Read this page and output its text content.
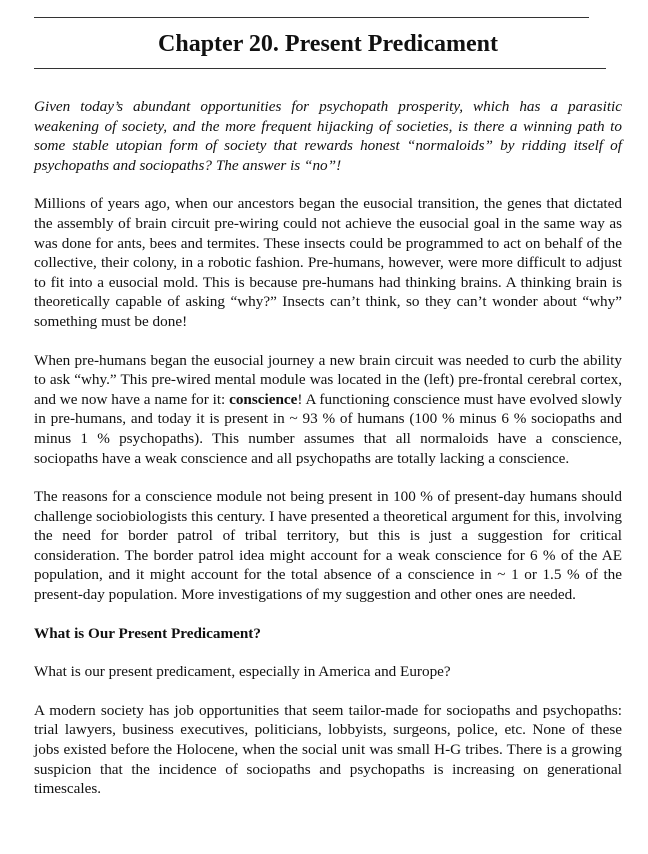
Chapter 20. Present Predicament

Given today’s abundant opportunities for psychopath prosperity, which has a parasitic weakening of society, and the more frequent hijacking of societies, is there a winning path to some stable utopian form of society that rewards honest “normaloids” by ridding itself of psychopaths and sociopaths? The answer is “no”!

Millions of years ago, when our ancestors began the eusocial transition, the genes that dictated the assembly of brain circuit pre-wiring could not achieve the eusocial goal in the same way as was done for ants, bees and termites. These insects could be programmed to act on behalf of the collective, their colony, in a robotic fashion. Pre-humans, however, were more difficult to adjust to fit into a eusocial mold. This is because pre-humans had thinking brains. A thinking brain is theoretically capable of asking “why?” Insects can’t think, so they can’t wonder about “why” something must be done!

When pre-humans began the eusocial journey a new brain circuit was needed to curb the ability to ask “why.” This pre-wired mental module was located in the (left) pre-frontal cerebral cortex, and we now have a name for it: conscience! A functioning conscience must have evolved slowly in pre-humans, and today it is present in ~ 93 % of humans (100 % minus 6 % sociopaths and minus 1 % psychopaths). This number assumes that all normaloids have a conscience, sociopaths have a weak conscience and all psychopaths are totally lacking a conscience.

The reasons for a conscience module not being present in 100 % of present-day humans should challenge sociobiologists this century. I have presented a theoretical argument for this, involving the need for border patrol of tribal territory, but this is just a suggestion for critical consideration. The border patrol idea might account for a weak conscience for 6 % of the AE population, and it might account for the total absence of a conscience in ~ 1 or 1.5 % of the present-day population. More investigations of my suggestion and other ones are needed.

What is Our Present Predicament?

What is our present predicament, especially in America and Europe?

A modern society has job opportunities that seem tailor-made for sociopaths and psychopaths: trial lawyers, business executives, politicians, lobbyists, surgeons, police, etc. None of these jobs existed before the Holocene, when the social unit was small H-G tribes. There is a growing suspicion that the incidence of sociopaths and psychopaths is increasing on generational timescales.
